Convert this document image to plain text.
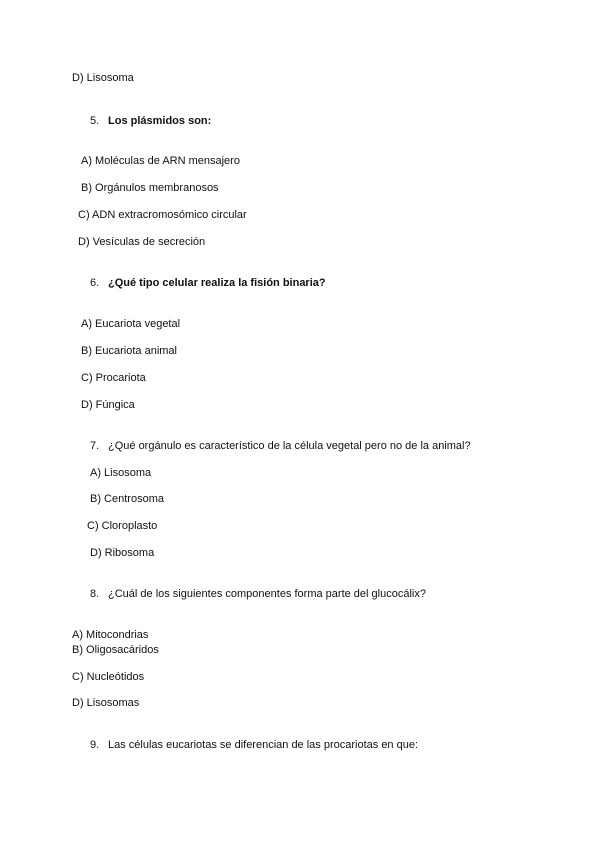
D) Lisosoma
5. Los plásmidos son:
A) Moléculas de ARN mensajero
B) Orgánulos membranosos
C) ADN extracromosómico circular
D) Vesículas de secreción
6. ¿Qué tipo celular realiza la fisión binaria?
A) Eucariota vegetal
B) Eucariota animal
C) Procariota
D) Fúngica
7. ¿Qué orgánulo es característico de la célula vegetal pero no de la animal?
A) Lisosoma
B) Centrosoma
C) Cloroplasto
D) Ribosoma
8. ¿Cuál de los siguientes componentes forma parte del glucocálix?
A) Mitocondrias
B) Oligosacáridos
C) Nucleótidos
D) Lisosomas
9. Las células eucariotas se diferencian de las procariotas en que:
